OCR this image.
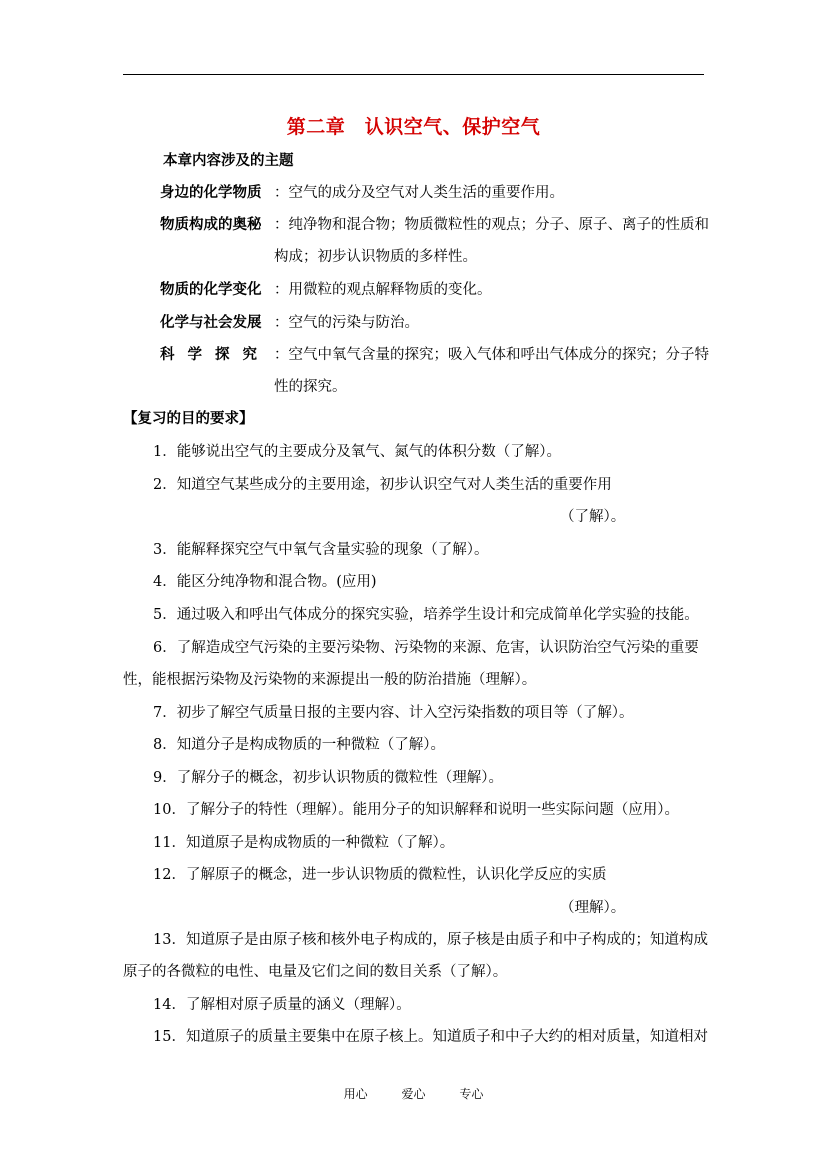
第二章　认识空气、保护空气
本章内容涉及的主题
身边的化学物质 ：空气的成分及空气对人类生活的重要作用。
物质构成的奥秘 ：纯净物和混合物；物质微粒性的观点；分子、原子、离子的性质和
构成；初步认识物质的多样性。
物质的化学变化 ：用微粒的观点解释物质的变化。
化学与社会发展 ：空气的污染与防治。
科学探究 ：空气中氧气含量的探究；吸入气体和呼出气体成分的探究；分子特
性的探究。
【复习的目的要求】
1．能够说出空气的主要成分及氧气、氮气的体积分数（了解）。
2．知道空气某些成分的主要用途，初步认识空气对人类生活的重要作用
（了解）。
3．能解释探究空气中氧气含量实验的现象（了解）。
4．能区分纯净物和混合物。(应用)
5．通过吸入和呼出气体成分的探究实验，培养学生设计和完成简单化学实验的技能。
6．了解造成空气污染的主要污染物、污染物的来源、危害，认识防治空气污染的重要
性，能根据污染物及污染物的来源提出一般的防治措施（理解）。
7．初步了解空气质量日报的主要内容、计入空污染指数的项目等（了解）。
8．知道分子是构成物质的一种微粒（了解）。
9．了解分子的概念，初步认识物质的微粒性（理解）。
10．了解分子的特性（理解）。能用分子的知识解释和说明一些实际问题（应用）。
11．知道原子是构成物质的一种微粒（了解）。
12．了解原子的概念，进一步认识物质的微粒性，认识化学反应的实质
（理解）。
13．知道原子是由原子核和核外电子构成的，原子核是由质子和中子构成的；知道构成
原子的各微粒的电性、电量及它们之间的数目关系（了解）。
14．了解相对原子质量的涵义（理解）。
15．知道原子的质量主要集中在原子核上。知道质子和中子大约的相对质量，知道相对
用心	爱心	专心
